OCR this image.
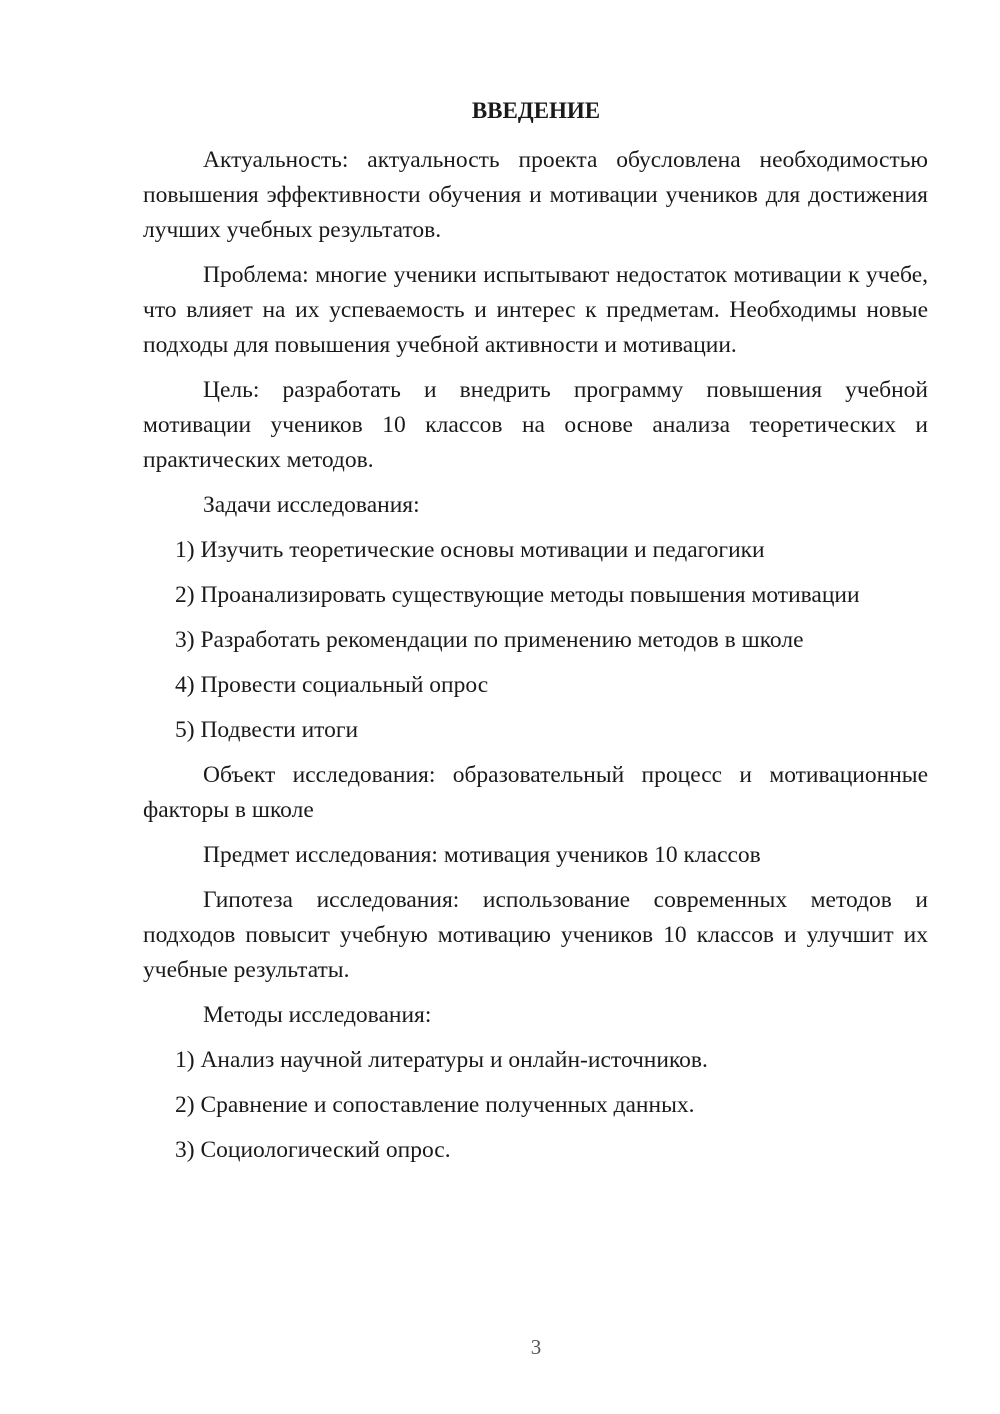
ВВЕДЕНИЕ

Актуальность: актуальность проекта обусловлена необходимостью повышения эффективности обучения и мотивации учеников для достижения лучших учебных результатов.

Проблема: многие ученики испытывают недостаток мотивации к учебе, что влияет на их успеваемость и интерес к предметам. Необходимы новые подходы для повышения учебной активности и мотивации.

Цель: разработать и внедрить программу повышения учебной мотивации учеников 10 классов на основе анализа теоретических и практических методов.

Задачи исследования:

1) Изучить теоретические основы мотивации и педагогики
2) Проанализировать существующие методы повышения мотивации
3) Разработать рекомендации по применению методов в школе
4) Провести социальный опрос
5) Подвести итоги

Объект исследования: образовательный процесс и мотивационные факторы в школе

Предмет исследования: мотивация учеников 10 классов

Гипотеза исследования: использование современных методов и подходов повысит учебную мотивацию учеников 10 классов и улучшит их учебные результаты.

Методы исследования:

1) Анализ научной литературы и онлайн-источников.
2) Сравнение и сопоставление полученных данных.
3) Социологический опрос.
3
